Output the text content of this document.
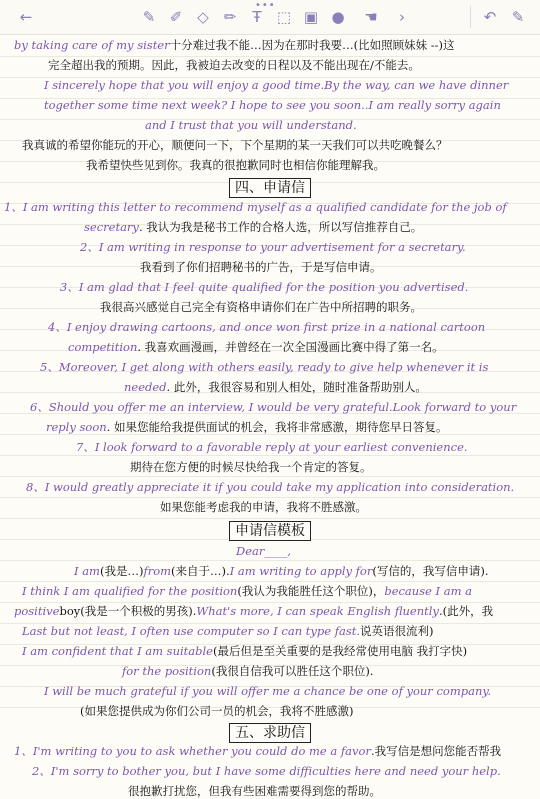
•••
←	✎ ✐ ◇ ✏	Ŧ	⬚ ▣ ● ☚	›	↶ ✎
by taking care of my sister十分难过我不能…因为在那时我要…(比如照顾妹妹 --)这
完全超出我的预期。因此，我被迫去改变的日程以及不能出现在/不能去。
I sincerely hope that you will enjoy a good time.By the way, can we have dinner
together some time next week? I hope to see you soon..I am really sorry again
and I trust that you will understand.
我真诚的希望你能玩的开心，顺便问一下，下个星期的某一天我们可以共吃晚餐么？
我希望快些见到你。我真的很抱歉同时也相信你能理解我。
四、申请信
1、I am writing this letter to recommend myself as a qualified candidate for the job of
secretary. 我认为我是秘书工作的合格人选，所以写信推荐自己。
2、I am writing in response to your advertisement for a secretary.
我看到了你们招聘秘书的广告，于是写信申请。
3、I am glad that I feel quite qualified for the position you advertised.
我很高兴感觉自己完全有资格申请你们在广告中所招聘的职务。
4、I enjoy drawing cartoons, and once won first prize in a national cartoon
competition. 我喜欢画漫画，并曾经在一次全国漫画比赛中得了第一名。
5、Moreover, I get along with others easily, ready to give help whenever it is
needed. 此外，我很容易和别人相处，随时准备帮助别人。
6、Should you offer me an interview, I would be very grateful.Look forward to your
reply soon. 如果您能给我提供面试的机会，我将非常感激，期待您早日答复。
7、I look forward to a favorable reply at your earliest convenience.
期待在您方便的时候尽快给我一个肯定的答复。
8、I would greatly appreciate it if you could take my application into consideration.
如果您能考虑我的申请，我将不胜感激。
申请信模板
Dear____,
I am(我是…)from(来自于…).I am writing to apply for(写信的，我写信申请).
I think I am qualified for the position(我认为我能胜任这个职位)，because I am a
positiveboy(我是一个积极的男孩).What's more, I can speak English fluently.(此外，我
Last but not least, I often use computer so I can type fast.说英语很流利)
I am confident that I am suitable(最后但是至关重要的是我经常使用电脑 我打字快)
for the position(我很自信我可以胜任这个职位).
I will be much grateful if you will offer me a chance be one of your company.
(如果您提供成为你们公司一员的机会，我将不胜感激)
五、求助信
1、I'm writing to you to ask whether you could do me a favor.我写信是想问您能否帮我
2、I'm sorry to bother you, but I have some difficulties here and need your help.
很抱歉打扰您，但我有些困难需要得到您的帮助。
